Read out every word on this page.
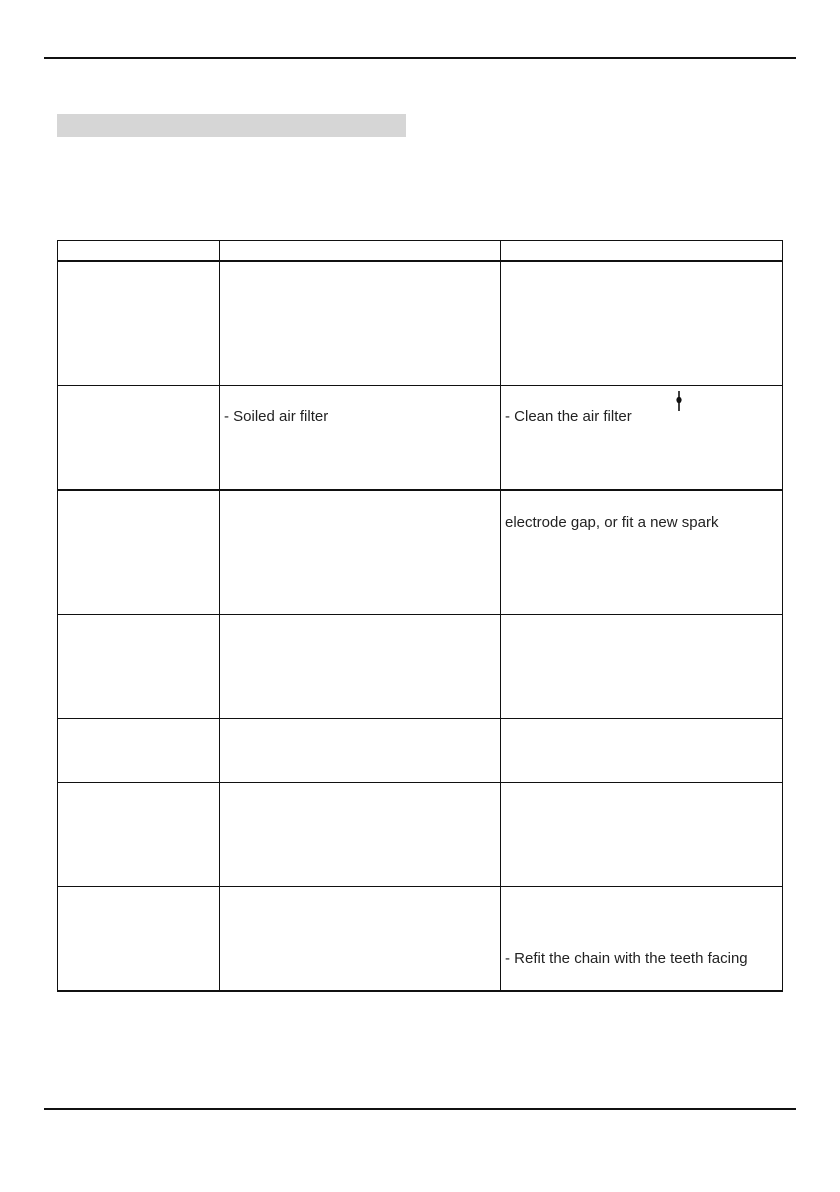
	- Soiled air filter	- Clean the air filter

		electrode gap, or fit a new spark

		- Refit the chain with the teeth facing
